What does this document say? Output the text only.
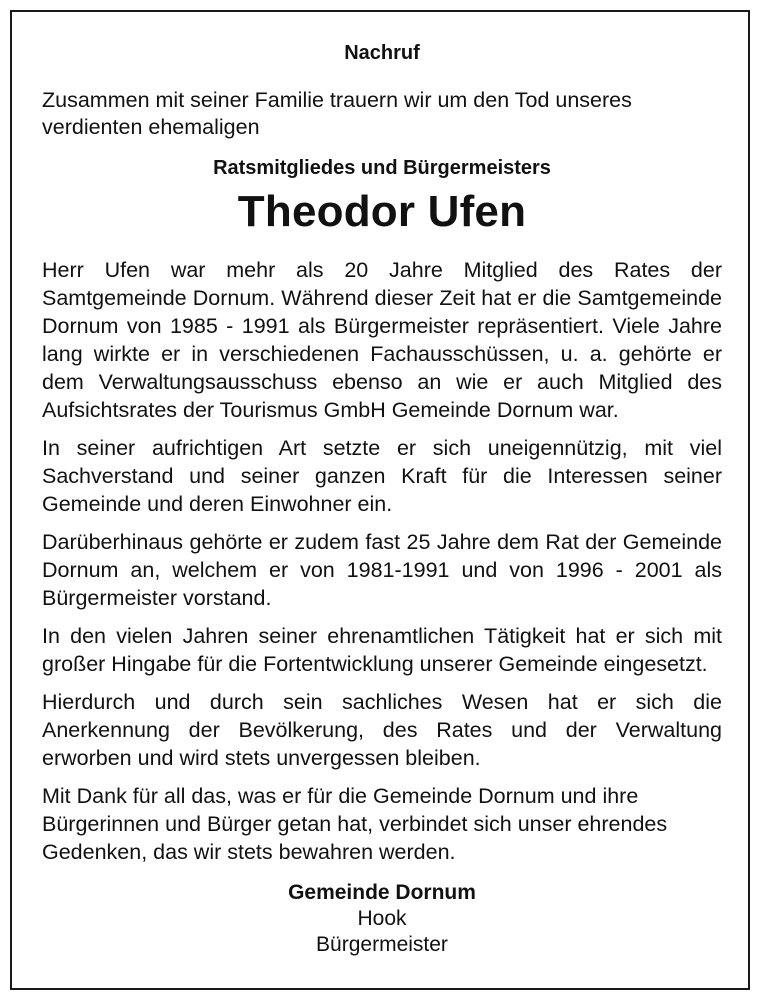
Nachruf

Zusammen mit seiner Familie trauern wir um den Tod unseres verdienten ehemaligen

Ratsmitgliedes und Bürgermeisters
Theodor Ufen

Herr Ufen war mehr als 20 Jahre Mitglied des Rates der Samtgemeinde Dornum. Während dieser Zeit hat er die Samtgemeinde Dornum von 1985 - 1991 als Bürgermeister repräsentiert. Viele Jahre lang wirkte er in verschiedenen Fachausschüssen, u. a. gehörte er dem Verwaltungsausschuss ebenso an wie er auch Mitglied des Aufsichtsrates der Tourismus GmbH Gemeinde Dornum war.

In seiner aufrichtigen Art setzte er sich uneigennützig, mit viel Sachverstand und seiner ganzen Kraft für die Interessen seiner Gemeinde und deren Einwohner ein.

Darüberhinaus gehörte er zudem fast 25 Jahre dem Rat der Gemeinde Dornum an, welchem er von 1981-1991 und von 1996 - 2001 als Bürgermeister vorstand.

In den vielen Jahren seiner ehrenamtlichen Tätigkeit hat er sich mit großer Hingabe für die Fortentwicklung unserer Gemeinde eingesetzt.

Hierdurch und durch sein sachliches Wesen hat er sich die Anerkennung der Bevölkerung, des Rates und der Verwaltung erworben und wird stets unvergessen bleiben.

Mit Dank für all das, was er für die Gemeinde Dornum und ihre Bürgerinnen und Bürger getan hat, verbindet sich unser ehrendes Gedenken, das wir stets bewahren werden.

Gemeinde Dornum
Hook
Bürgermeister
